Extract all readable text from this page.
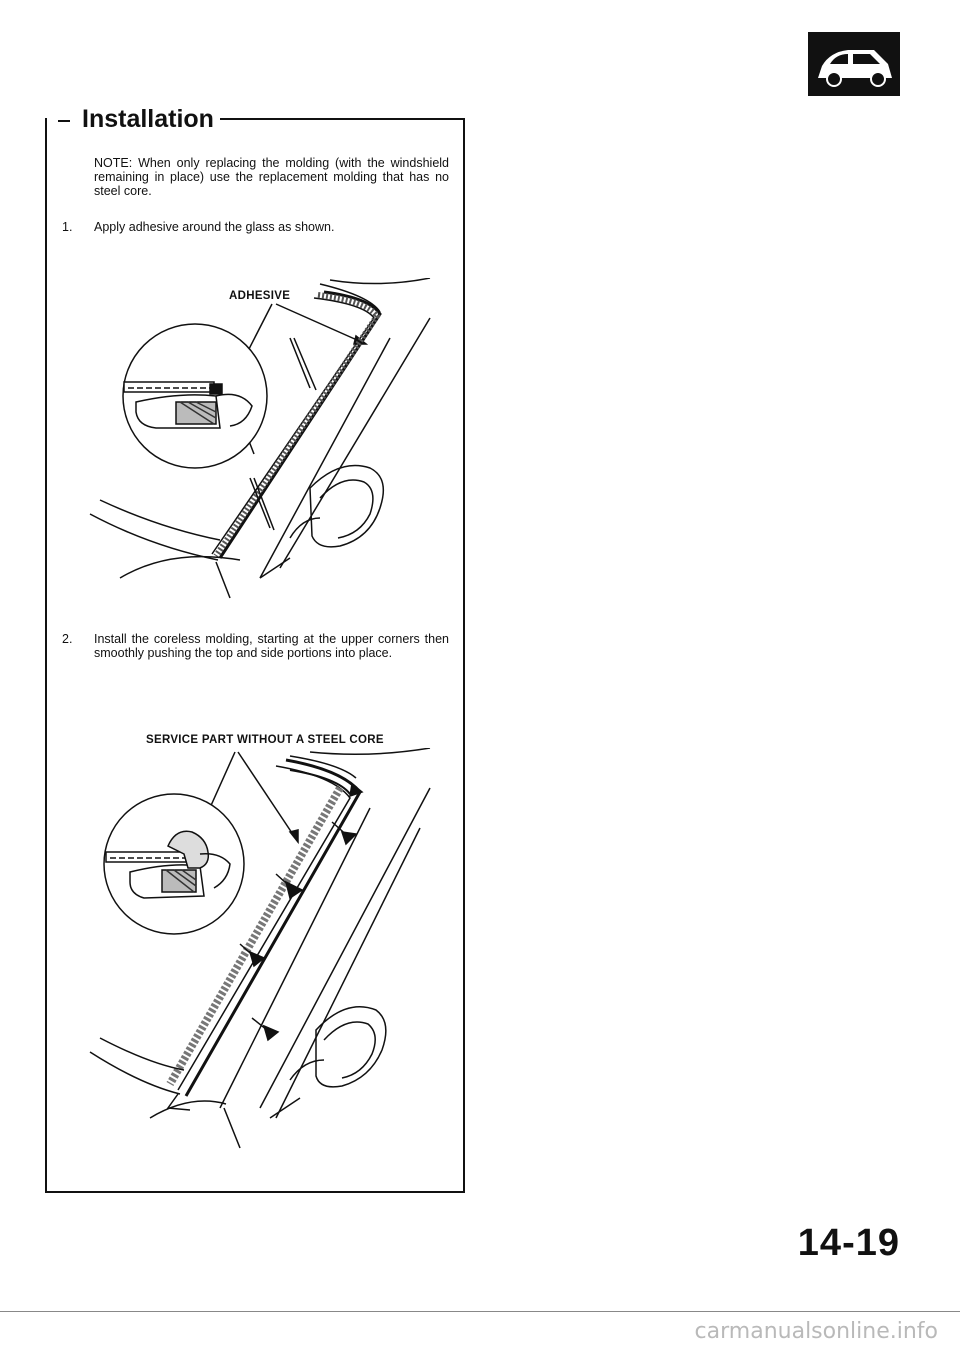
Installation
NOTE: When only replacing the molding (with the windshield remaining in place) use the replacement molding that has no steel core.
1. Apply adhesive around the glass as shown.
ADHESIVE
2. Install the coreless molding, starting at the upper corners then smoothly pushing the top and side portions into place.
SERVICE PART WITHOUT A STEEL CORE
14-19
carmanualsonline.info
